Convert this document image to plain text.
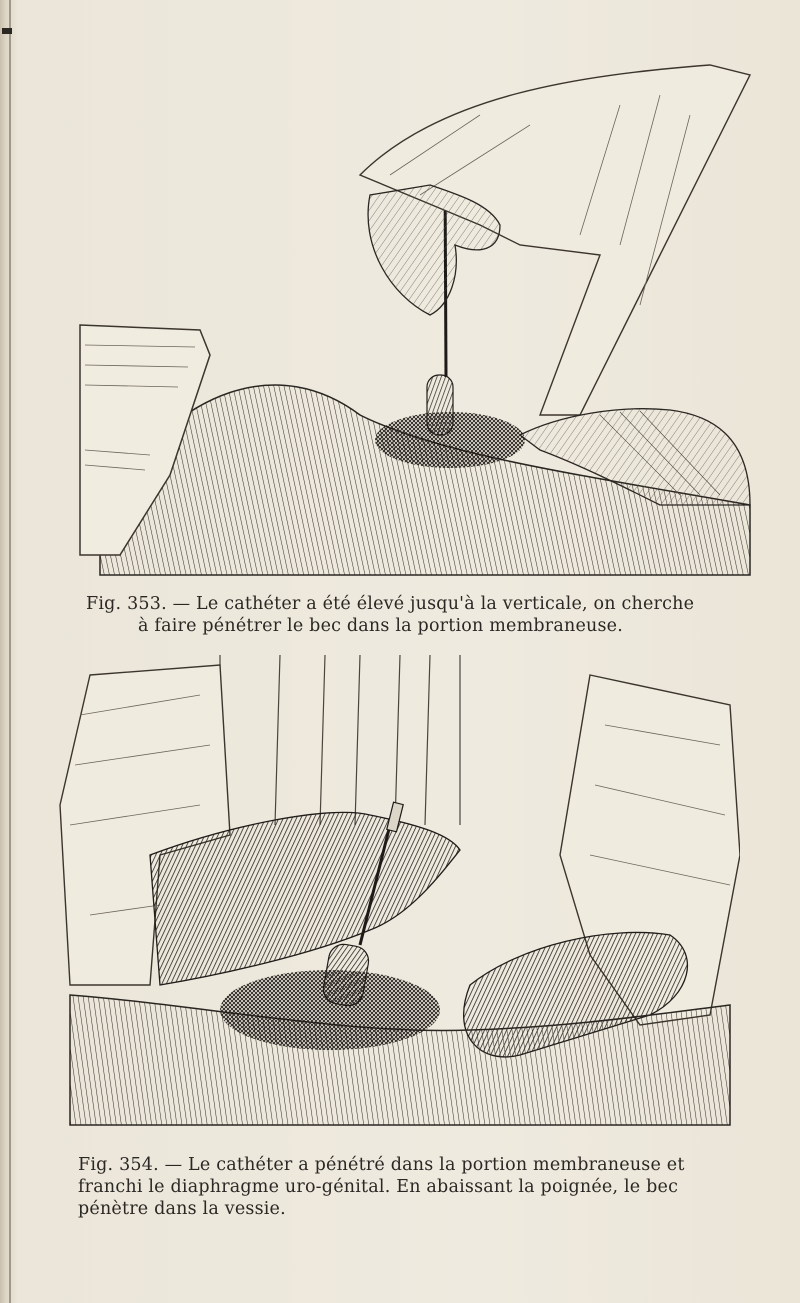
Fig. 353. — Le cathéter a été élevé jusqu'à la verticale, on cherche
à faire pénétrer le bec dans la portion membraneuse.
Fig. 354. — Le cathéter a pénétré dans la portion membraneuse et
franchi le diaphragme uro-génital. En abaissant la poignée, le bec
pénètre dans la vessie.
